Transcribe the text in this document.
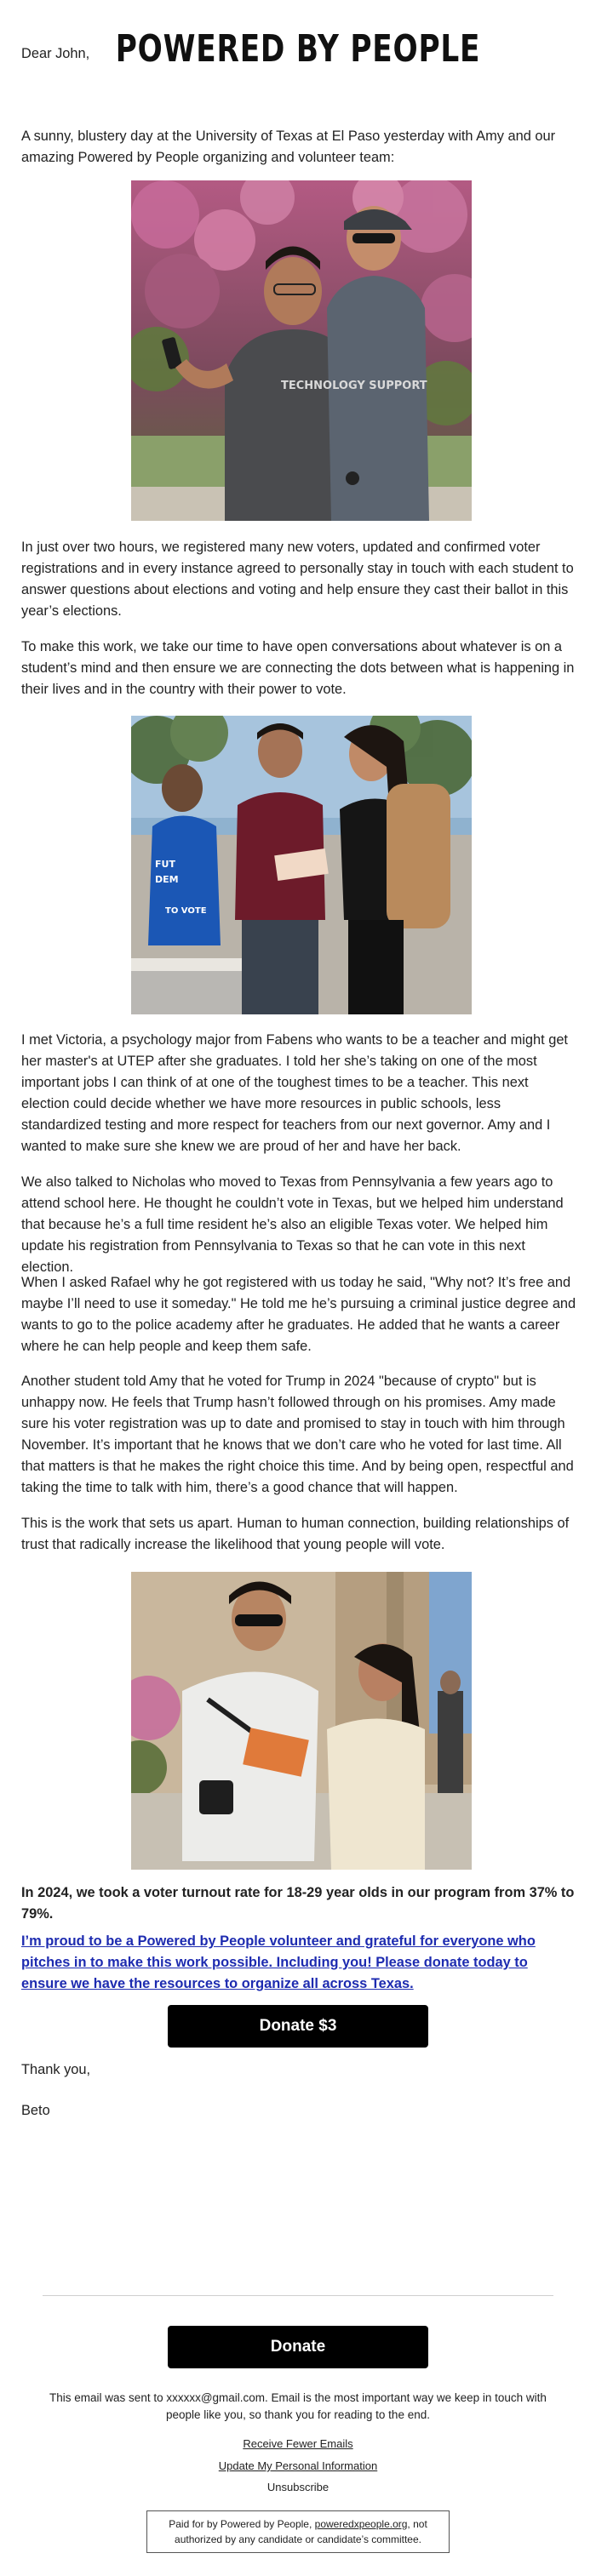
POWERED BY PEOPLE

Dear John,

A sunny, blustery day at the University of Texas at El Paso yesterday with Amy and our amazing Powered by People organizing and volunteer team:

TECHNOLOGY SUPPORT

In just over two hours, we registered many new voters, updated and confirmed voter registrations and in every instance agreed to personally stay in touch with each student to answer questions about elections and voting and help ensure they cast their ballot in this year’s elections.

To make this work, we take our time to have open conversations about whatever is on a student’s mind and then ensure we are connecting the dots between what is happening in their lives and in the country with their power to vote.

FUT
DEM
TO VOTE

I met Victoria, a psychology major from Fabens who wants to be a teacher and might get her master's at UTEP after she graduates. I told her she’s taking on one of the most important jobs I can think of at one of the toughest times to be a teacher. This next election could decide whether we have more resources in public schools, less standardized testing and more respect for teachers from our next governor. Amy and I wanted to make sure she knew we are proud of her and have her back.

We also talked to Nicholas who moved to Texas from Pennsylvania a few years ago to attend school here. He thought he couldn’t vote in Texas, but we helped him understand that because he’s a full time resident he’s also an eligible Texas voter. We helped him update his registration from Pennsylvania to Texas so that he can vote in this next election.

When I asked Rafael why he got registered with us today he said, "Why not? It’s free and maybe I’ll need to use it someday." He told me he’s pursuing a criminal justice degree and wants to go to the police academy after he graduates. He added that he wants a career where he can help people and keep them safe.

Another student told Amy that he voted for Trump in 2024 "because of crypto" but is unhappy now. He feels that Trump hasn’t followed through on his promises. Amy made sure his voter registration was up to date and promised to stay in touch with him through November. It’s important that he knows that we don’t care who he voted for last time. All that matters is that he makes the right choice this time. And by being open, respectful and taking the time to talk with him, there’s a good chance that will happen.

This is the work that sets us apart. Human to human connection, building relationships of trust that radically increase the likelihood that young people will vote.

In 2024, we took a voter turnout rate for 18-29 year olds in our program from 37% to 79%.

I’m proud to be a Powered by People volunteer and grateful for everyone who pitches in to make this work possible. Including you! Please donate today to ensure we have the resources to organize all across Texas.

Donate $3

Thank you,

Beto

Donate
This email was sent to xxxxxx@gmail.com. Email is the most important way we keep in touch with people like you, so thank you for reading to the end.
Receive Fewer Emails
Update My Personal Information
Unsubscribe
Paid for by Powered by People, poweredxpeople.org, not authorized by any candidate or candidate’s committee.
